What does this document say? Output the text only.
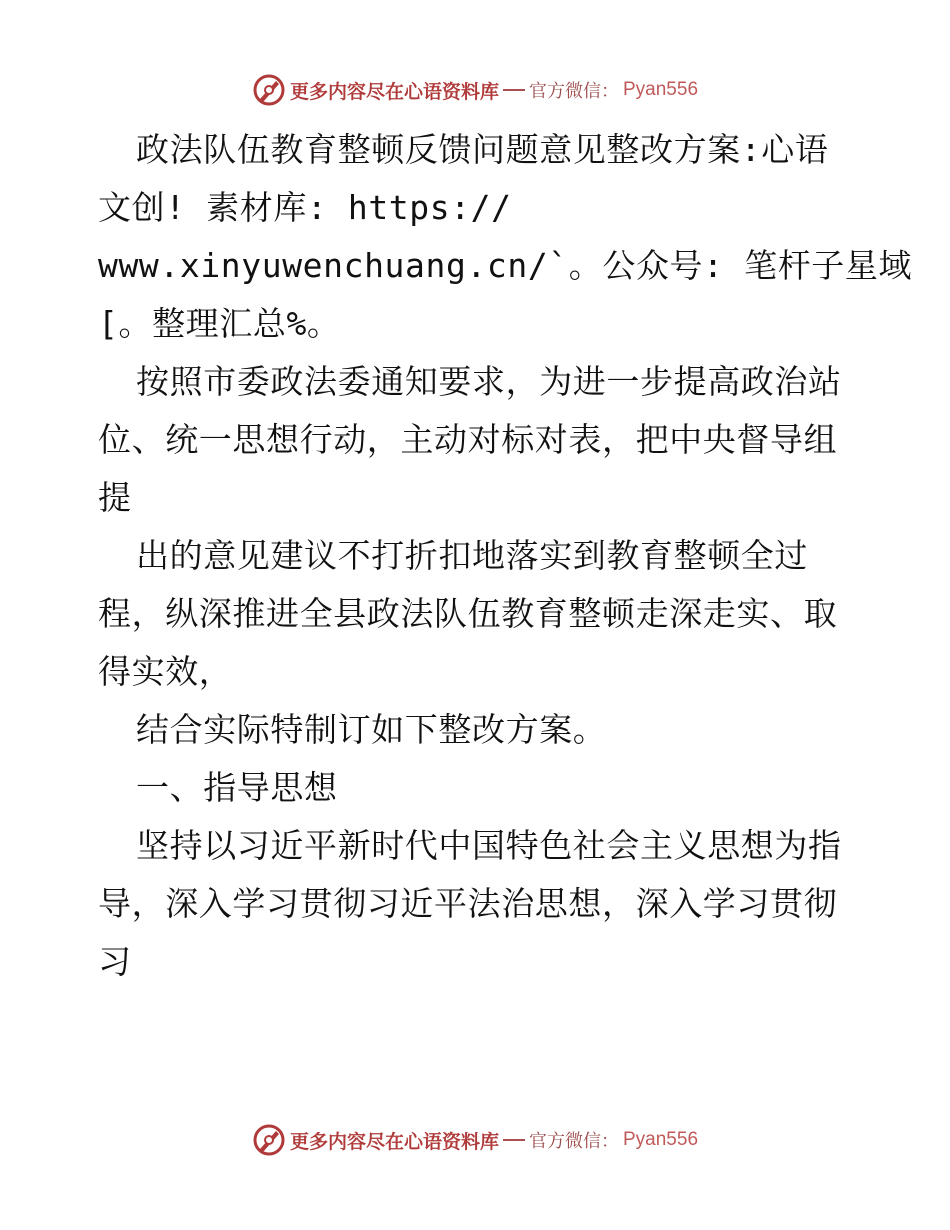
更多内容尽在心语资料库 官方微信： Pyan556
政法队伍教育整顿反馈问题意见整改方案:心语
文创! 素材库: https://
www.xinyuwenchuang.cn/`。公众号: 笔杆子星域
[。整理汇总%。
按照市委政法委通知要求，为进一步提高政治站
位、统一思想行动，主动对标对表，把中央督导组
提
出的意见建议不打折扣地落实到教育整顿全过
程，纵深推进全县政法队伍教育整顿走深走实、取
得实效，
结合实际特制订如下整改方案。
一、指导思想
坚持以习近平新时代中国特色社会主义思想为指
导，深入学习贯彻习近平法治思想，深入学习贯彻
习
更多内容尽在心语资料库 官方微信： Pyan556
